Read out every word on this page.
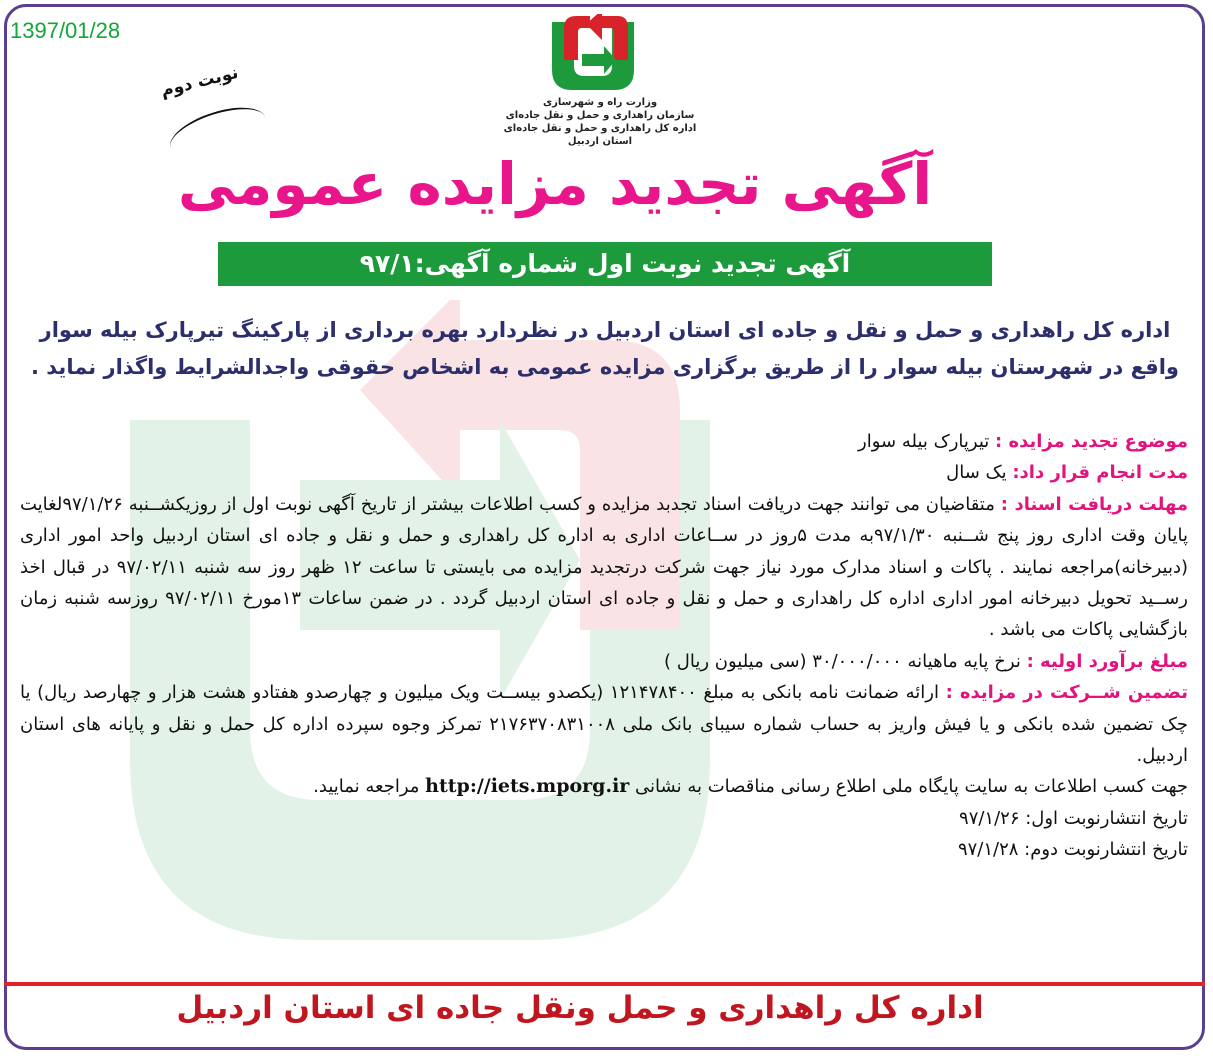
1397/01/28
نوبت دوم
وزارت راه و شهرسازی
سازمان راهداری و حمل و نقل جاده‌ای
اداره کل راهداری و حمل و نقل جاده‌ای
استان اردبیل
آگهی تجدید مزایده عمومی
آگهی تجدید نوبت اول شماره آگهی:۹۷/۱
اداره کل راهداری و حمل و نقل و جاده ای استان اردبیل در نظردارد بهره برداری از پارکینگ تیرپارک بیله سوار واقع در شهرستان بیله سوار را از طریق برگزاری مزایده عمومی به اشخاص حقوقی واجدالشرایط واگذار نماید .

موضوع تجدید مزایده : تیرپارک بیله سوار

مدت انجام قرار داد: یک سال

مهلت دریافت اسناد : متقاضیان می توانند جهت دریافت اسناد تجدبد مزایده و کسب اطلاعات بیشتر از تاریخ آگهی نوبت اول از روزیکشــنبه ۹۷/۱/۲۶لغایت پایان وقت اداری روز پنج شــنبه ۹۷/۱/۳۰به مدت ۵روز در ســاعات اداری به اداره کل راهداری و حمل و نقل و جاده ای استان اردبیل واحد امور اداری (دبیرخانه)مراجعه نمایند . پاکات و اسناد مدارک مورد نیاز جهت شرکت درتجدید مزایده می بایستی تا ساعت ۱۲ ظهر روز سه شنبه ۹۷/۰۲/۱۱ در قبال اخذ رســید تحویل دبیرخانه امور اداری اداره کل راهداری و حمل و نقل و جاده ای استان اردبیل گردد . در ضمن ساعات ۱۳مورخ ۹۷/۰۲/۱۱ روزسه شنبه زمان بازگشایی پاکات می باشد .

مبلغ برآورد اولیه : نرخ پایه ماهیانه ۳۰/۰۰۰/۰۰۰ (سی میلیون ریال )

تضمین شــرکت در مزایده : ارائه ضمانت نامه بانکی به مبلغ ۱۲۱۴۷۸۴۰۰ (یکصدو بیســت ویک میلیون و چهارصدو هفتادو هشت هزار و چهارصد ریال) یا چک تضمین شده بانکی و یا فیش واریز به حساب شماره سیبای بانک ملی ۲۱۷۶۳۷۰۸۳۱۰۰۸ تمرکز وجوه سپرده اداره کل حمل و نقل و پایانه های استان اردبیل.

جهت کسب اطلاعات به سایت پایگاه ملی اطلاع رسانی مناقصات به نشانی http://iets.mporg.ir مراجعه نمایید.

تاریخ انتشارنوبت اول: ۹۷/۱/۲۶

تاریخ انتشارنوبت دوم: ۹۷/۱/۲۸

اداره کل راهداری و حمل ونقل جاده ای استان اردبیل
